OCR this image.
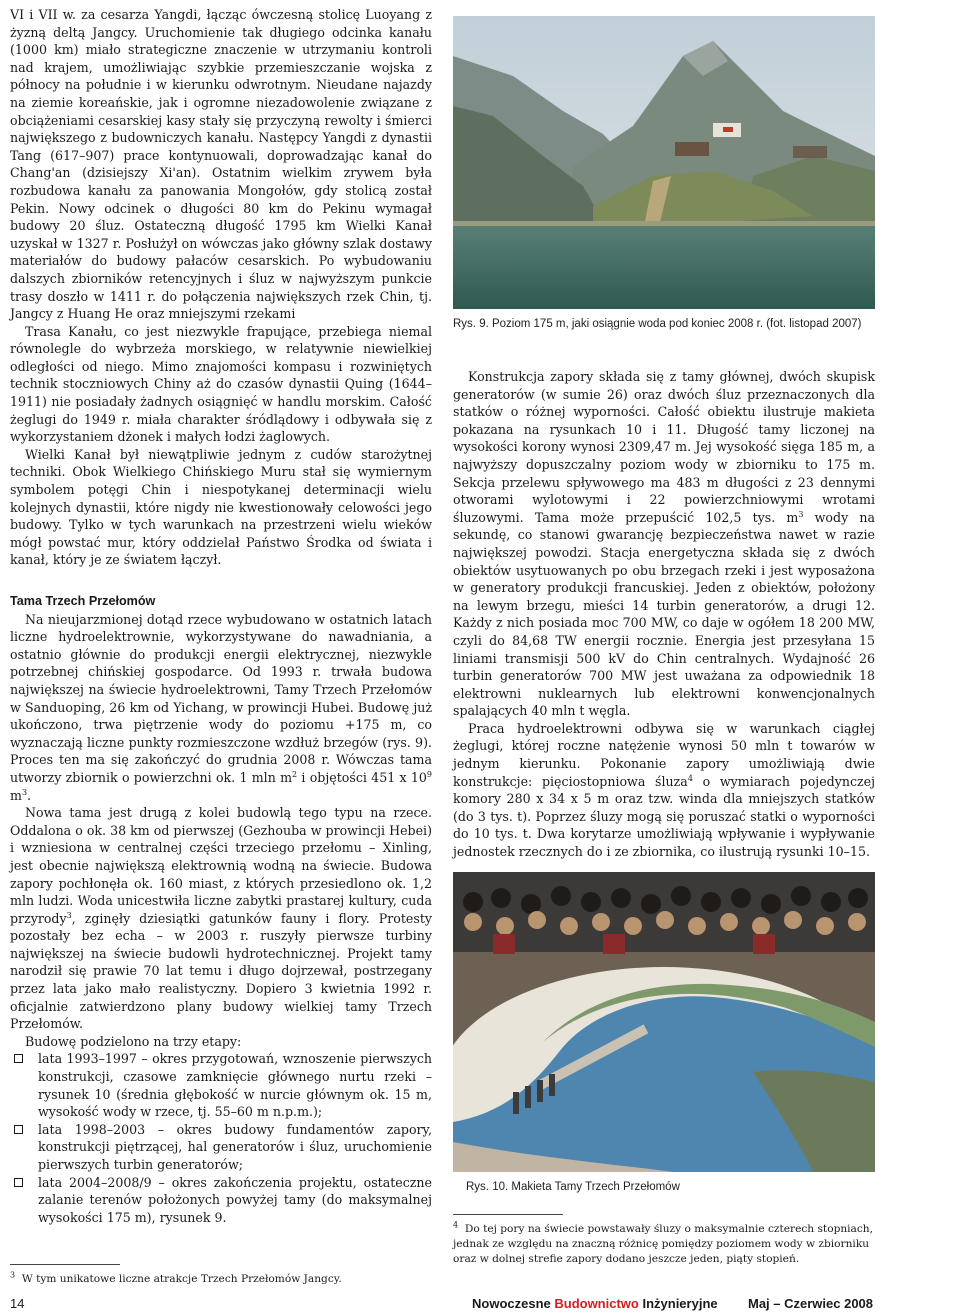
VI i VII w. za cesarza Yangdi, łącząc ówczesną stolicę Luoyang z żyzną deltą Jangcy. Uruchomienie tak długiego odcinka kanału (1000 km) miało strategiczne znaczenie w utrzymaniu kontroli nad krajem, umożliwiając szybkie przemieszczanie wojska z północy na południe i w kierunku odwrotnym. Nieudane najazdy na ziemie koreańskie, jak i ogromne niezadowolenie związane z obciążeniami cesarskiej kasy stały się przyczyną rewolty i śmierci największego z budowniczych kanału. Następcy Yangdi z dynastii Tang (617–907) prace kontynuowali, doprowadzając kanał do Chang'an (dzisiejszy Xi'an). Ostatnim wielkim zrywem była rozbudowa kanału za panowania Mongołów, gdy stolicą został Pekin. Nowy odcinek o długości 80 km do Pekinu wymagał budowy 20 śluz. Ostateczną długość 1795 km Wielki Kanał uzyskał w 1327 r. Posłużył on wówczas jako główny szlak dostawy materiałów do budowy pałaców cesarskich. Po wybudowaniu dalszych zbiorników retencyjnych i śluz w najwyższym punkcie trasy doszło w 1411 r. do połączenia największych rzek Chin, tj. Jangcy z Huang He oraz mniejszymi rzekami

Trasa Kanału, co jest niezwykle frapujące, przebiega niemal równolegle do wybrzeża morskiego, w relatywnie niewielkiej odległości od niego. Mimo znajomości kompasu i rozwiniętych technik stoczniowych Chiny aż do czasów dynastii Quing (1644–1911) nie posiadały żadnych osiągnięć w handlu morskim. Całość żeglugi do 1949 r. miała charakter śródlądowy i odbywała się z wykorzystaniem dżonek i małych łodzi żaglowych.

Wielki Kanał był niewątpliwie jednym z cudów starożytnej techniki. Obok Wielkiego Chińskiego Muru stał się wymiernym symbolem potęgi Chin i niespotykanej determinacji wielu kolejnych dynastii, które nigdy nie kwestionowały celowości jego budowy. Tylko w tych warunkach na przestrzeni wielu wieków mógł powstać mur, który oddzielał Państwo Środka od świata i kanał, który je ze światem łączył.

Tama Trzech Przełomów

Na nieujarzmionej dotąd rzece wybudowano w ostatnich latach liczne hydroelektrownie, wykorzystywane do nawadniania, a ostatnio głównie do produkcji energii elektrycznej, niezwykle potrzebnej chińskiej gospodarce. Od 1993 r. trwała budowa największej na świecie hydroelektrowni, Tamy Trzech Przełomów w Sanduoping, 26 km od Yichang, w prowincji Hubei. Budowę już ukończono, trwa piętrzenie wody do poziomu +175 m, co wyznaczają liczne punkty rozmieszczone wzdłuż brzegów (rys. 9). Proces ten ma się zakończyć do grudnia 2008 r. Wówczas tama utworzy zbiornik o powierzchni ok. 1 mln $m^2$ i objętości 451 x $10^9$ $m^3$.

Nowa tama jest drugą z kolei budowlą tego typu na rzece. Oddalona o ok. 38 km od pierwszej (Gezhouba w prowincji Hebei) i wzniesiona w centralnej części trzeciego przełomu – Xinling, jest obecnie największą elektrownią wodną na świecie. Budowa zapory pochłonęła ok. 160 miast, z których przesiedlono ok. 1,2 mln ludzi. Woda unicestwiła liczne zabytki prastarej kultury, cuda przyrody$^3$, zginęły dziesiątki gatunków fauny i flory. Protesty pozostały bez echa – w 2003 r. ruszyły pierwsze turbiny największej na świecie budowli hydrotechnicznej. Projekt tamy narodził się prawie 70 lat temu i długo dojrzewał, postrzegany przez lata jako mało realistyczny. Dopiero 3 kwietnia 1992 r. oficjalnie zatwierdzono plany budowy wielkiej tamy Trzech Przełomów.

Budowę podzielono na trzy etapy:

lata 1993–1997 – okres przygotowań, wznoszenie pierwszych konstrukcji, czasowe zamknięcie głównego nurtu rzeki – rysunek 10 (średnia głębokość w nurcie głównym ok. 15 m, wysokość wody w rzece, tj. 55–60 m n.p.m.);
lata 1998–2003 – okres budowy fundamentów zapory, konstrukcji piętrzącej, hal generatorów i śluz, uruchomienie pierwszych turbin generatorów;
lata 2004–2008/9 – okres zakończenia projektu, ostateczne zalanie terenów położonych powyżej tamy (do maksymalnej wysokości 175 m), rysunek 9.
$^3$ W tym unikatowe liczne atrakcje Trzech Przełomów Jangcy.
Rys. 9. Poziom 175 m, jaki osiągnie woda pod koniec 2008 r. (fot. listopad 2007)

Konstrukcja zapory składa się z tamy głównej, dwóch skupisk generatorów (w sumie 26) oraz dwóch śluz przeznaczonych dla statków o różnej wyporności. Całość obiektu ilustruje makieta pokazana na rysunkach 10 i 11. Długość tamy liczonej na wysokości korony wynosi 2309,47 m. Jej wysokość sięga 185 m, a najwyższy dopuszczalny poziom wody w zbiorniku to 175 m. Sekcja przelewu spływowego ma 483 m długości z 23 dennymi otworami wylotowymi i 22 powierzchniowymi wrotami śluzowymi. Tama może przepuścić 102,5 tys. $m^3$ wody na sekundę, co stanowi gwarancję bezpieczeństwa nawet w razie największej powodzi. Stacja energetyczna składa się z dwóch obiektów usytuowanych po obu brzegach rzeki i jest wyposażona w generatory produkcji francuskiej. Jeden z obiektów, położony na lewym brzegu, mieści 14 turbin generatorów, a drugi 12. Każdy z nich posiada moc 700 MW, co daje w ogółem 18 200 MW, czyli do 84,68 TW energii rocznie. Energia jest przesyłana 15 liniami transmisji 500 kV do Chin centralnych. Wydajność 26 turbin generatorów 700 MW jest uważana za odpowiednik 18 elektrowni nuklearnych lub elektrowni konwencjonalnych spalających 40 mln t węgla.

Praca hydroelektrowni odbywa się w warunkach ciągłej żeglugi, której roczne natężenie wynosi 50 mln t towarów w jednym kierunku. Pokonanie zapory umożliwiają dwie konstrukcje: pięciostopniowa śluza$^4$ o wymiarach pojedynczej komory 280 x 34 x 5 m oraz tzw. winda dla mniejszych statków (do 3 tys. t). Poprzez śluzy mogą się poruszać statki o wyporności do 10 tys. t. Dwa korytarze umożliwiają wpływanie i wypływanie jednostek rzecznych do i ze zbiornika, co ilustrują rysunki 10–15.

Rys. 10. Makieta Tamy Trzech Przełomów
$^4$ Do tej pory na świecie powstawały śluzy o maksymalnie czterech stopniach, jednak ze względu na znaczną różnicę pomiędzy poziomem wody w zbiorniku oraz w dolnej strefie zapory dodano jeszcze jeden, piąty stopień.
14	Nowoczesne Budownictwo Inżynieryjne Maj – Czerwiec 2008
